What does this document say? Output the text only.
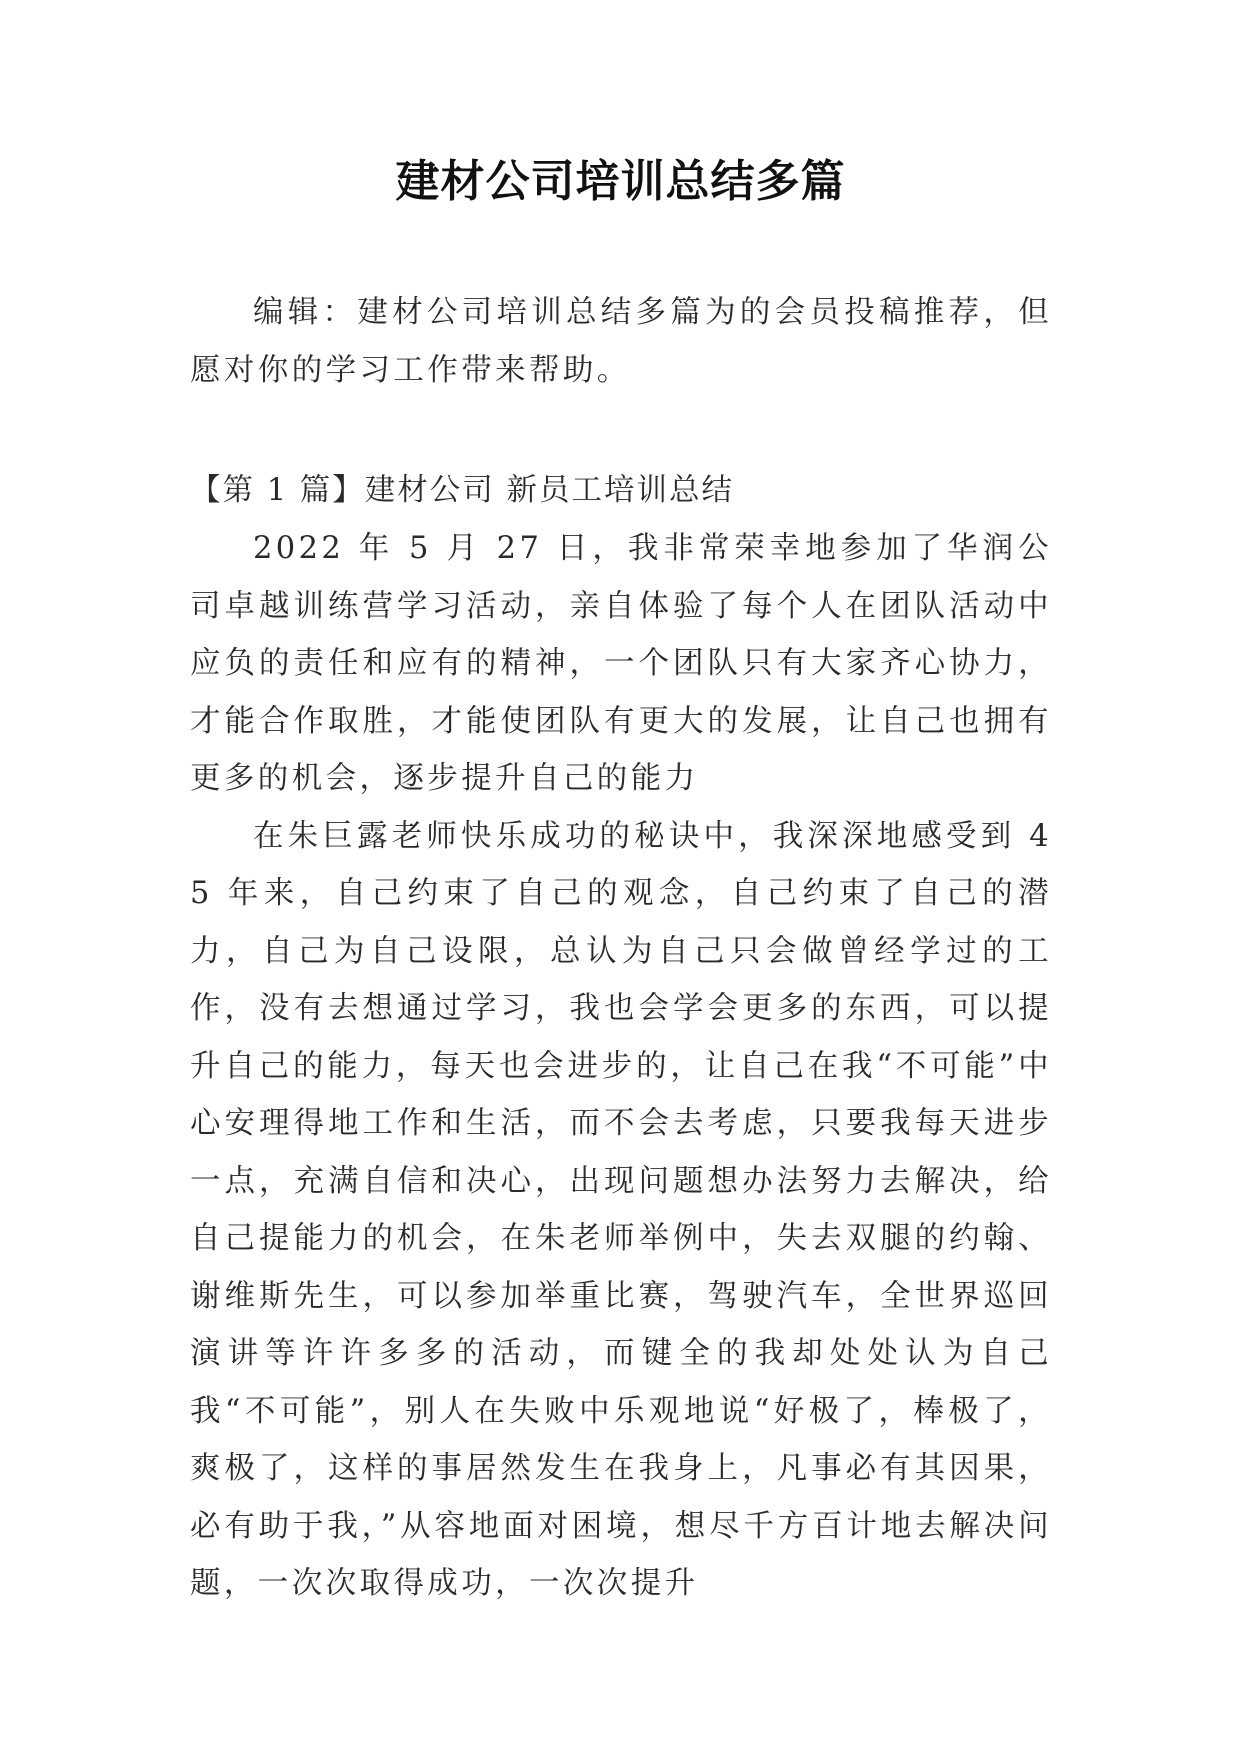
建材公司培训总结多篇

编辑：建材公司培训总结多篇为的会员投稿推荐，但愿对你的学习工作带来帮助。

【第 1 篇】建材公司 新员工培训总结

2022 年 5 月 27 日，我非常荣幸地参加了华润公司卓越训练营学习活动，亲自体验了每个人在团队活动中应负的责任和应有的精神，一个团队只有大家齐心协力，才能合作取胜，才能使团队有更大的发展，让自己也拥有更多的机会，逐步提升自己的能力

在朱巨露老师快乐成功的秘诀中，我深深地感受到 45 年来，自己约束了自己的观念，自己约束了自己的潜力，自己为自己设限，总认为自己只会做曾经学过的工作，没有去想通过学习，我也会学会更多的东西，可以提升自己的能力，每天也会进步的，让自己在我“不可能”中心安理得地工作和生活，而不会去考虑，只要我每天进步一点，充满自信和决心，出现问题想办法努力去解决，给自己提能力的机会，在朱老师举例中，失去双腿的约翰、谢维斯先生，可以参加举重比赛，驾驶汽车，全世界巡回演讲等许许多多的活动，而键全的我却处处认为自己我“不可能”，别人在失败中乐观地说“好极了，棒极了，爽极了，这样的事居然发生在我身上，凡事必有其因果，必有助于我，”从容地面对困境，想尽千方百计地去解决问题，一次次取得成功，一次次提升
